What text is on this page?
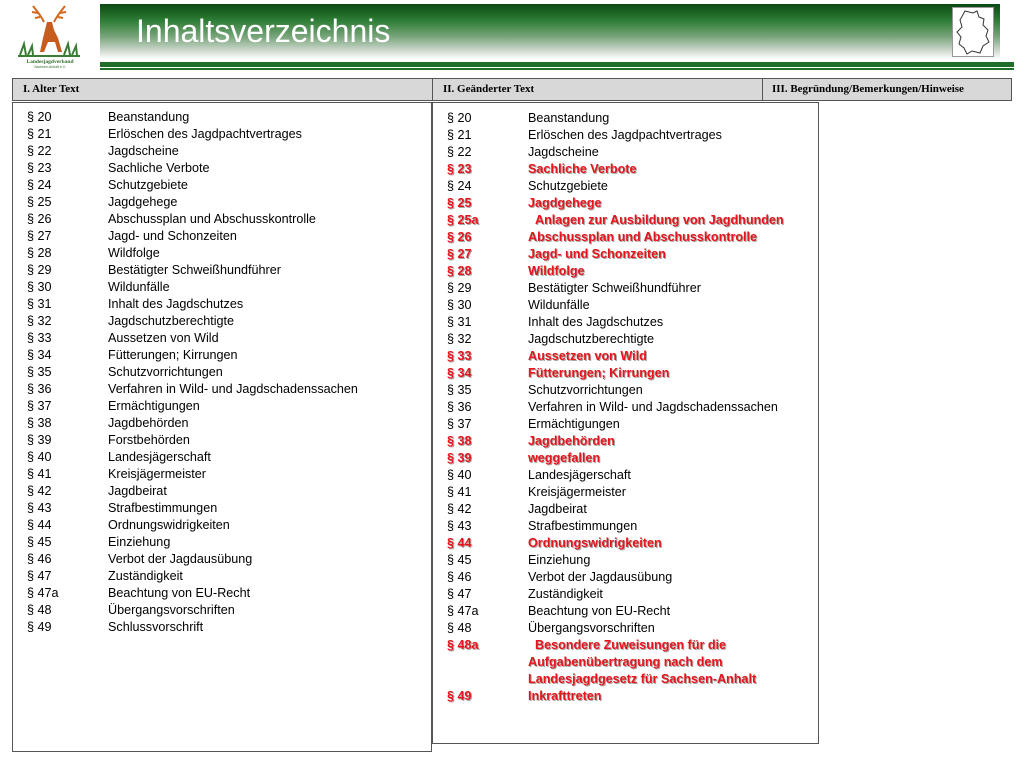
Landesjagdverband
Sachsen-Anhalt e.V.
Inhaltsverzeichnis
I. Alter Text	II. Geänderter Text	III. Begründung/Bemerkungen/Hinweise
§ 20	Beanstandung
§ 21	Erlöschen des Jagdpachtvertrages
§ 22	Jagdscheine
§ 23	Sachliche Verbote
§ 24	Schutzgebiete
§ 25	Jagdgehege
§ 26	Abschussplan und Abschusskontrolle
§ 27	Jagd- und Schonzeiten
§ 28	Wildfolge
§ 29	Bestätigter Schweißhundführer
§ 30	Wildunfälle
§ 31	Inhalt des Jagdschutzes
§ 32	Jagdschutzberechtigte
§ 33	Aussetzen von Wild
§ 34	Fütterungen; Kirrungen
§ 35	Schutzvorrichtungen
§ 36	Verfahren in Wild- und Jagdschadenssachen
§ 37	Ermächtigungen
§ 38	Jagdbehörden
§ 39	Forstbehörden
§ 40	Landesjägerschaft
§ 41	Kreisjägermeister
§ 42	Jagdbeirat
§ 43	Strafbestimmungen
§ 44	Ordnungswidrigkeiten
§ 45	Einziehung
§ 46	Verbot der Jagdausübung
§ 47	Zuständigkeit
§ 47a	Beachtung von EU-Recht
§ 48	Übergangsvorschriften
§ 49	Schlussvorschrift
§ 20	Beanstandung
§ 21	Erlöschen des Jagdpachtvertrages
§ 22	Jagdscheine
§ 23	Sachliche Verbote
§ 24	Schutzgebiete
§ 25	Jagdgehege
§ 25a	Anlagen zur Ausbildung von Jagdhunden
§ 26	Abschussplan und Abschusskontrolle
§ 27	Jagd- und Schonzeiten
§ 28	Wildfolge
§ 29	Bestätigter Schweißhundführer
§ 30	Wildunfälle
§ 31	Inhalt des Jagdschutzes
§ 32	Jagdschutzberechtigte
§ 33	Aussetzen von Wild
§ 34	Fütterungen; Kirrungen
§ 35	Schutzvorrichtungen
§ 36	Verfahren in Wild- und Jagdschadenssachen
§ 37	Ermächtigungen
§ 38	Jagdbehörden
§ 39	weggefallen
§ 40	Landesjägerschaft
§ 41	Kreisjägermeister
§ 42	Jagdbeirat
§ 43	Strafbestimmungen
§ 44	Ordnungswidrigkeiten
§ 45	Einziehung
§ 46	Verbot der Jagdausübung
§ 47	Zuständigkeit
§ 47a	Beachtung von EU-Recht
§ 48	Übergangsvorschriften
§ 48a	Besondere Zuweisungen für die Aufgabenübertragung nach dem Landesjagdgesetz für Sachsen-Anhalt
§ 49	Inkrafttreten
